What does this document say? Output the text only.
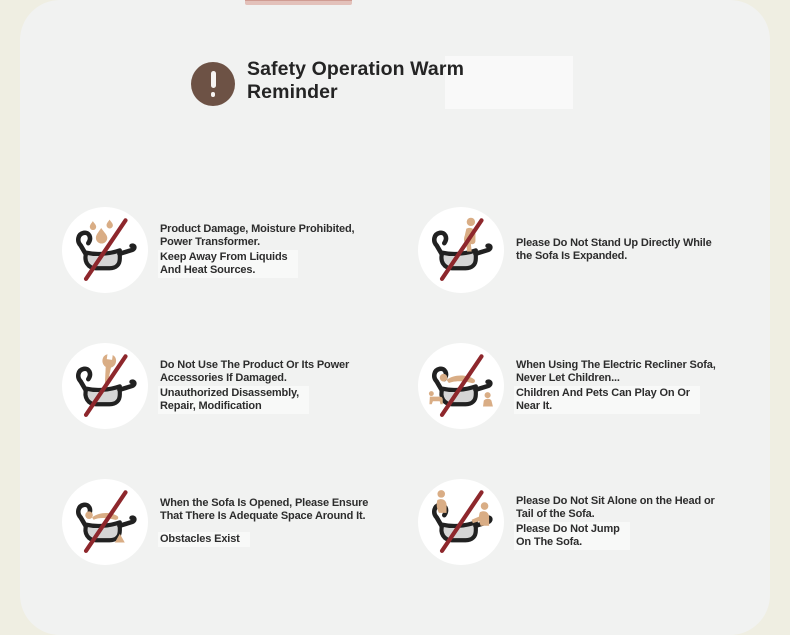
Safety Operation Warm
Reminder
Product Damage, Moisture Prohibited,
Power Transformer.
Keep Away From Liquids
And Heat Sources.
Please Do Not Stand Up Directly While
the Sofa Is Expanded.
Do Not Use The Product Or Its Power
Accessories If Damaged.
Unauthorized Disassembly,
Repair, Modification
When Using The Electric Recliner Sofa,
Never Let Children...
Children And Pets Can Play On Or
Near It.
When the Sofa Is Opened, Please Ensure
That There Is Adequate Space Around It.
Obstacles Exist
Please Do Not Sit Alone on the Head or
Tail of the Sofa.
Please Do Not Jump
On The Sofa.
